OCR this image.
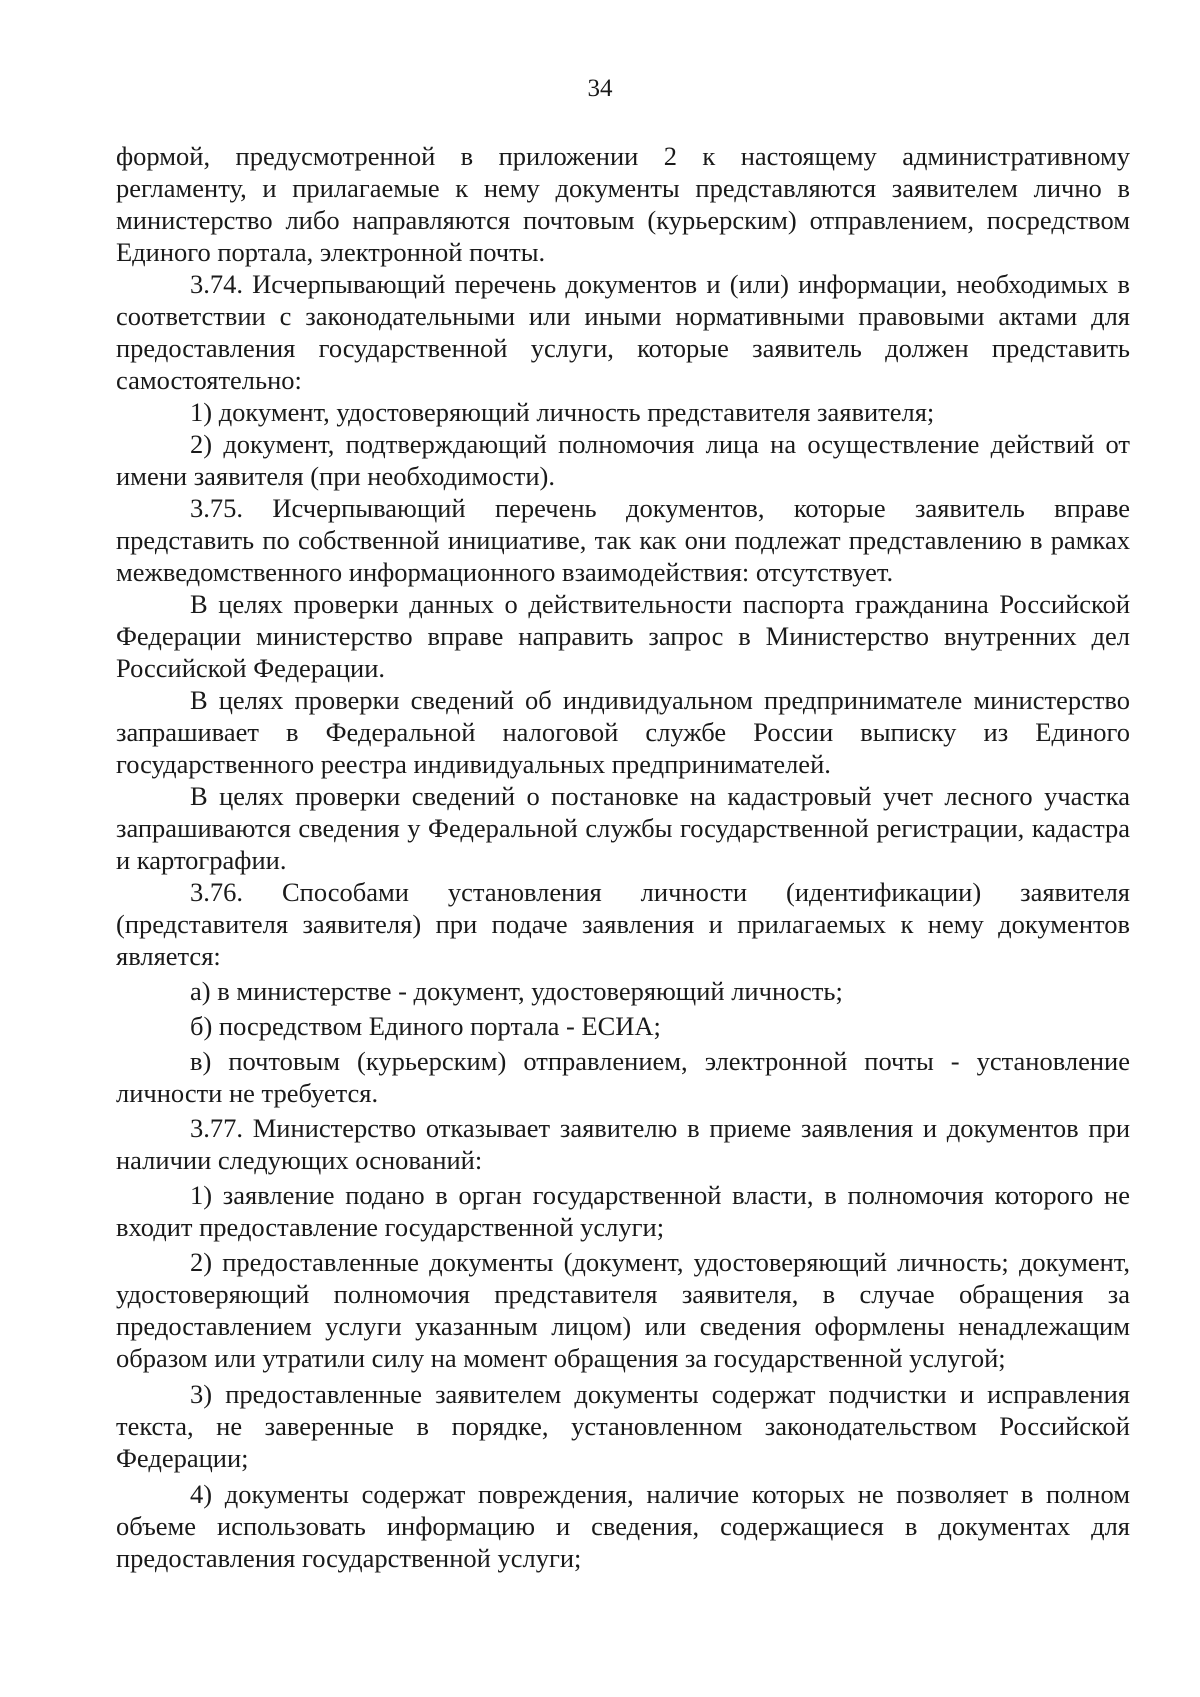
34

формой, предусмотренной в приложении 2 к настоящему административному регламенту, и прилагаемые к нему документы представляются заявителем лично в министерство либо направляются почтовым (курьерским) отправлением, посредством Единого портала, электронной почты.

3.74. Исчерпывающий перечень документов и (или) информации, необходимых в соответствии с законодательными или иными нормативными правовыми актами для предоставления государственной услуги, которые заявитель должен представить самостоятельно:

1) документ, удостоверяющий личность представителя заявителя;

2) документ, подтверждающий полномочия лица на осуществление действий от имени заявителя (при необходимости).

3.75. Исчерпывающий перечень документов, которые заявитель вправе представить по собственной инициативе, так как они подлежат представлению в рамках межведомственного информационного взаимодействия: отсутствует.

В целях проверки данных о действительности паспорта гражданина Российской Федерации министерство вправе направить запрос в Министерство внутренних дел Российской Федерации.

В целях проверки сведений об индивидуальном предпринимателе министерство запрашивает в Федеральной налоговой службе России выписку из Единого государственного реестра индивидуальных предпринимателей.

В целях проверки сведений о постановке на кадастровый учет лесного участка запрашиваются сведения у Федеральной службы государственной регистрации, кадастра и картографии.

3.76. Способами установления личности (идентификации) заявителя (представителя заявителя) при подаче заявления и прилагаемых к нему документов является:

а) в министерстве - документ, удостоверяющий личность;

б) посредством Единого портала - ЕСИА;

в) почтовым (курьерским) отправлением, электронной почты - установление личности не требуется.

3.77. Министерство отказывает заявителю в приеме заявления и документов при наличии следующих оснований:

1) заявление подано в орган государственной власти, в полномочия которого не входит предоставление государственной услуги;

2) предоставленные документы (документ, удостоверяющий личность; документ, удостоверяющий полномочия представителя заявителя, в случае обращения за предоставлением услуги указанным лицом) или сведения оформлены ненадлежащим образом или утратили силу на момент обращения за государственной услугой;

3) предоставленные заявителем документы содержат подчистки и исправления текста, не заверенные в порядке, установленном законодательством Российской Федерации;

4) документы содержат повреждения, наличие которых не позволяет в полном объеме использовать информацию и сведения, содержащиеся в документах для предоставления государственной услуги;
